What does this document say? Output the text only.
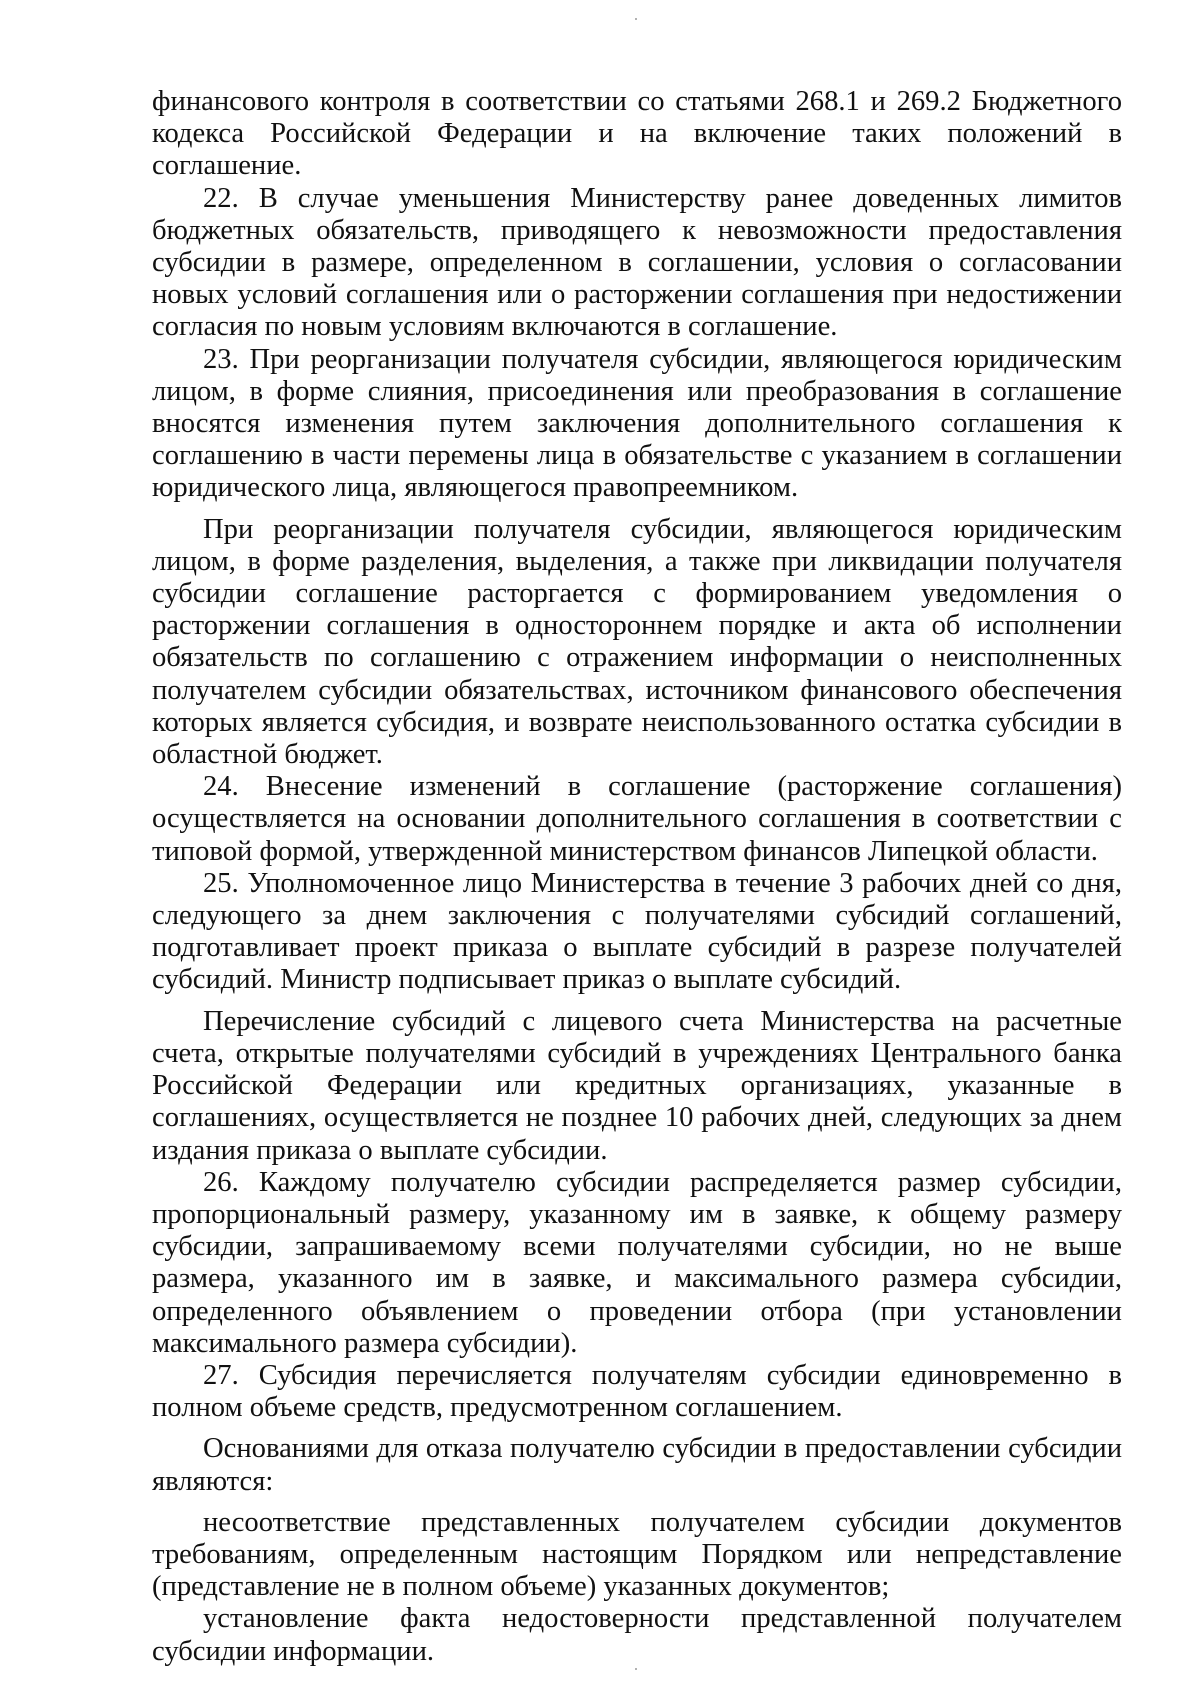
финансового контроля в соответствии со статьями 268.1 и 269.2 Бюджетного кодекса Российской Федерации и на включение таких положений в соглашение.

22. В случае уменьшения Министерству ранее доведенных лимитов бюджетных обязательств, приводящего к невозможности предоставления субсидии в размере, определенном в соглашении, условия о согласовании новых условий соглашения или о расторжении соглашения при недостижении согласия по новым условиям включаются в соглашение.

23. При реорганизации получателя субсидии, являющегося юридическим лицом, в форме слияния, присоединения или преобразования в соглашение вносятся изменения путем заключения дополнительного соглашения к соглашению в части перемены лица в обязательстве с указанием в соглашении юридического лица, являющегося правопреемником.

При реорганизации получателя субсидии, являющегося юридическим лицом, в форме разделения, выделения, а также при ликвидации получателя субсидии соглашение расторгается с формированием уведомления о расторжении соглашения в одностороннем порядке и акта об исполнении обязательств по соглашению с отражением информации о неисполненных получателем субсидии обязательствах, источником финансового обеспечения которых является субсидия, и возврате неиспользованного остатка субсидии в областной бюджет.

24. Внесение изменений в соглашение (расторжение соглашения) осуществляется на основании дополнительного соглашения в соответствии с типовой формой, утвержденной министерством финансов Липецкой области.

25. Уполномоченное лицо Министерства в течение 3 рабочих дней со дня, следующего за днем заключения с получателями субсидий соглашений, подготавливает проект приказа о выплате субсидий в разрезе получателей субсидий. Министр подписывает приказ о выплате субсидий.

Перечисление субсидий с лицевого счета Министерства на расчетные счета, открытые получателями субсидий в учреждениях Центрального банка Российской Федерации или кредитных организациях, указанные в соглашениях, осуществляется не позднее 10 рабочих дней, следующих за днем издания приказа о выплате субсидии.

26. Каждому получателю субсидии распределяется размер субсидии, пропорциональный размеру, указанному им в заявке, к общему размеру субсидии, запрашиваемому всеми получателями субсидии, но не выше размера, указанного им в заявке, и максимального размера субсидии, определенного объявлением о проведении отбора (при установлении максимального размера субсидии).

27. Субсидия перечисляется получателям субсидии единовременно в полном объеме средств, предусмотренном соглашением.

Основаниями для отказа получателю субсидии в предоставлении субсидии являются:

несоответствие представленных получателем субсидии документов требованиям, определенным настоящим Порядком или непредставление (представление не в полном объеме) указанных документов;

установление факта недостоверности представленной получателем субсидии информации.
